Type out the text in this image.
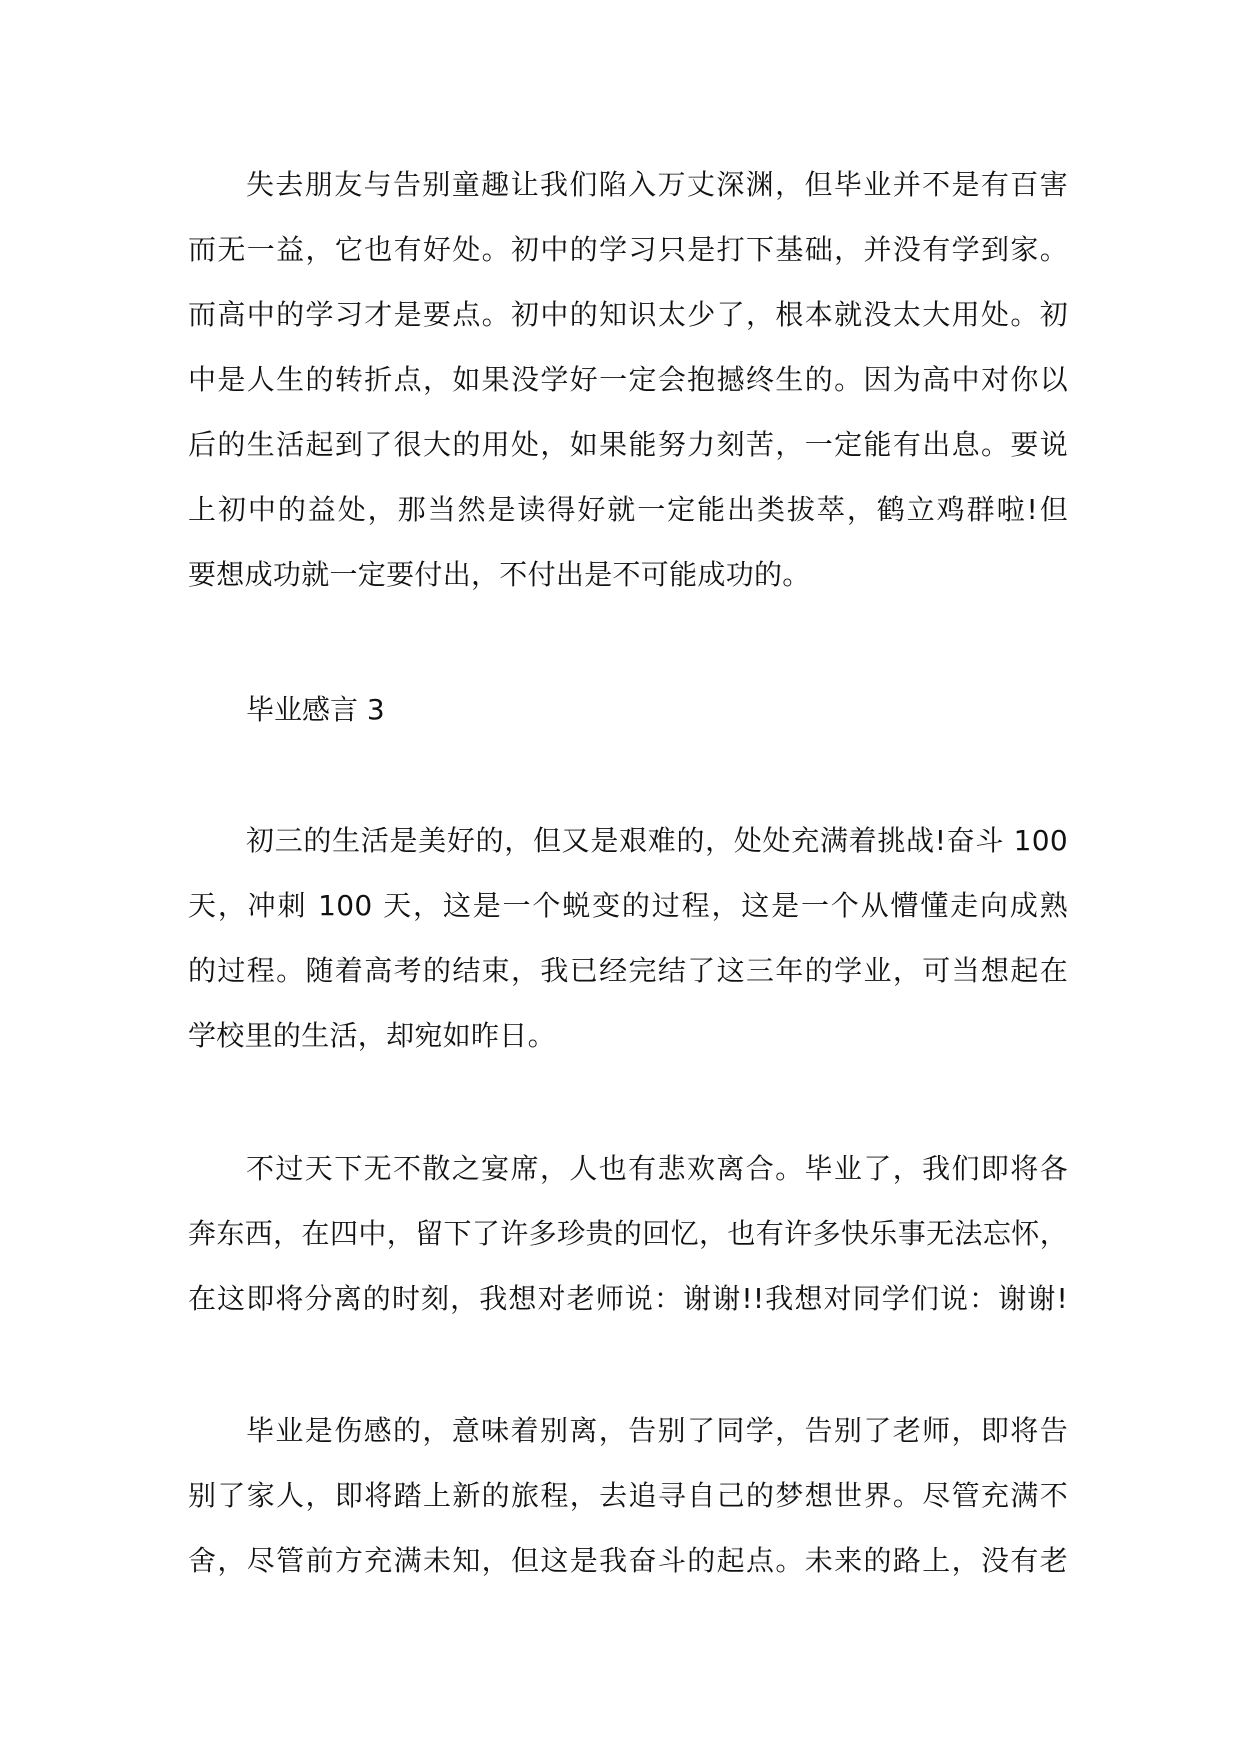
失去朋友与告别童趣让我们陷入万丈深渊，但毕业并不是有百害
而无一益，它也有好处。初中的学习只是打下基础，并没有学到家。
而高中的学习才是要点。初中的知识太少了，根本就没太大用处。初
中是人生的转折点，如果没学好一定会抱撼终生的。因为高中对你以
后的生活起到了很大的用处，如果能努力刻苦，一定能有出息。要说
上初中的益处，那当然是读得好就一定能出类拔萃，鹤立鸡群啦!但
要想成功就一定要付出，不付出是不可能成功的。
毕业感言 3
初三的生活是美好的，但又是艰难的，处处充满着挑战!奋斗 100
天，冲刺 100 天，这是一个蜕变的过程，这是一个从懵懂走向成熟
的过程。随着高考的结束，我已经完结了这三年的学业，可当想起在
学校里的生活，却宛如昨日。
不过天下无不散之宴席，人也有悲欢离合。毕业了，我们即将各
奔东西，在四中，留下了许多珍贵的回忆，也有许多快乐事无法忘怀，
在这即将分离的时刻，我想对老师说：谢谢!!我想对同学们说：谢谢!
毕业是伤感的，意味着别离，告别了同学，告别了老师，即将告
别了家人，即将踏上新的旅程，去追寻自己的梦想世界。尽管充满不
舍，尽管前方充满未知，但这是我奋斗的起点。未来的路上，没有老
